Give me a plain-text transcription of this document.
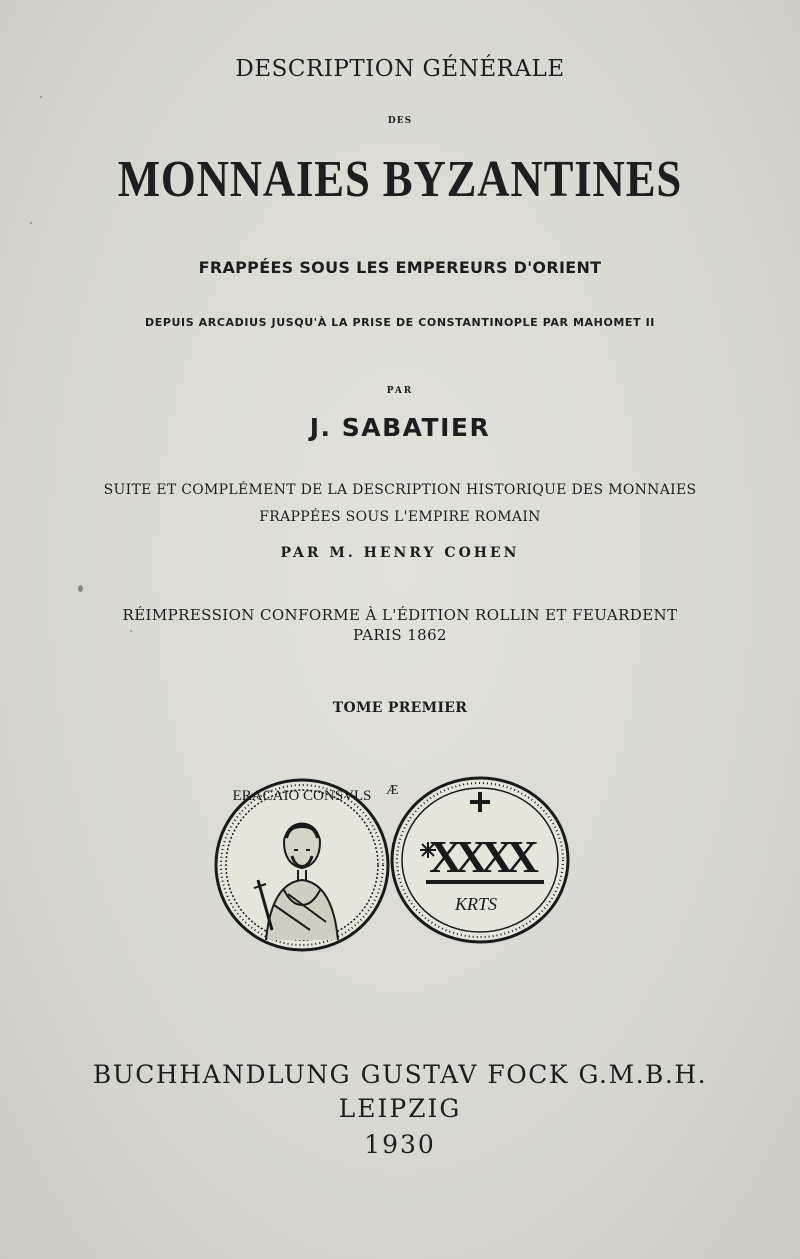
DESCRIPTION GÉNÉRALE
DES
MONNAIES BYZANTINES
FRAPPÉES SOUS LES EMPEREURS D'ORIENT
DEPUIS ARCADIUS JUSQU'À LA PRISE DE CONSTANTINOPLE PAR MAHOMET II
PAR
J. SABATIER
SUITE ET COMPLÉMENT DE LA DESCRIPTION HISTORIQUE DES MONNAIES
FRAPPÉES SOUS L'EMPIRE ROMAIN
PAR M. HENRY COHEN
RÉIMPRESSION CONFORME À L'ÉDITION ROLLIN ET FEUARDENT
PARIS 1862
TOME PREMIER
ERACAIO CONSVLS Æ
XXXX
KRTS
BUCHHANDLUNG GUSTAV FOCK G.M.B.H.
LEIPZIG
1930
